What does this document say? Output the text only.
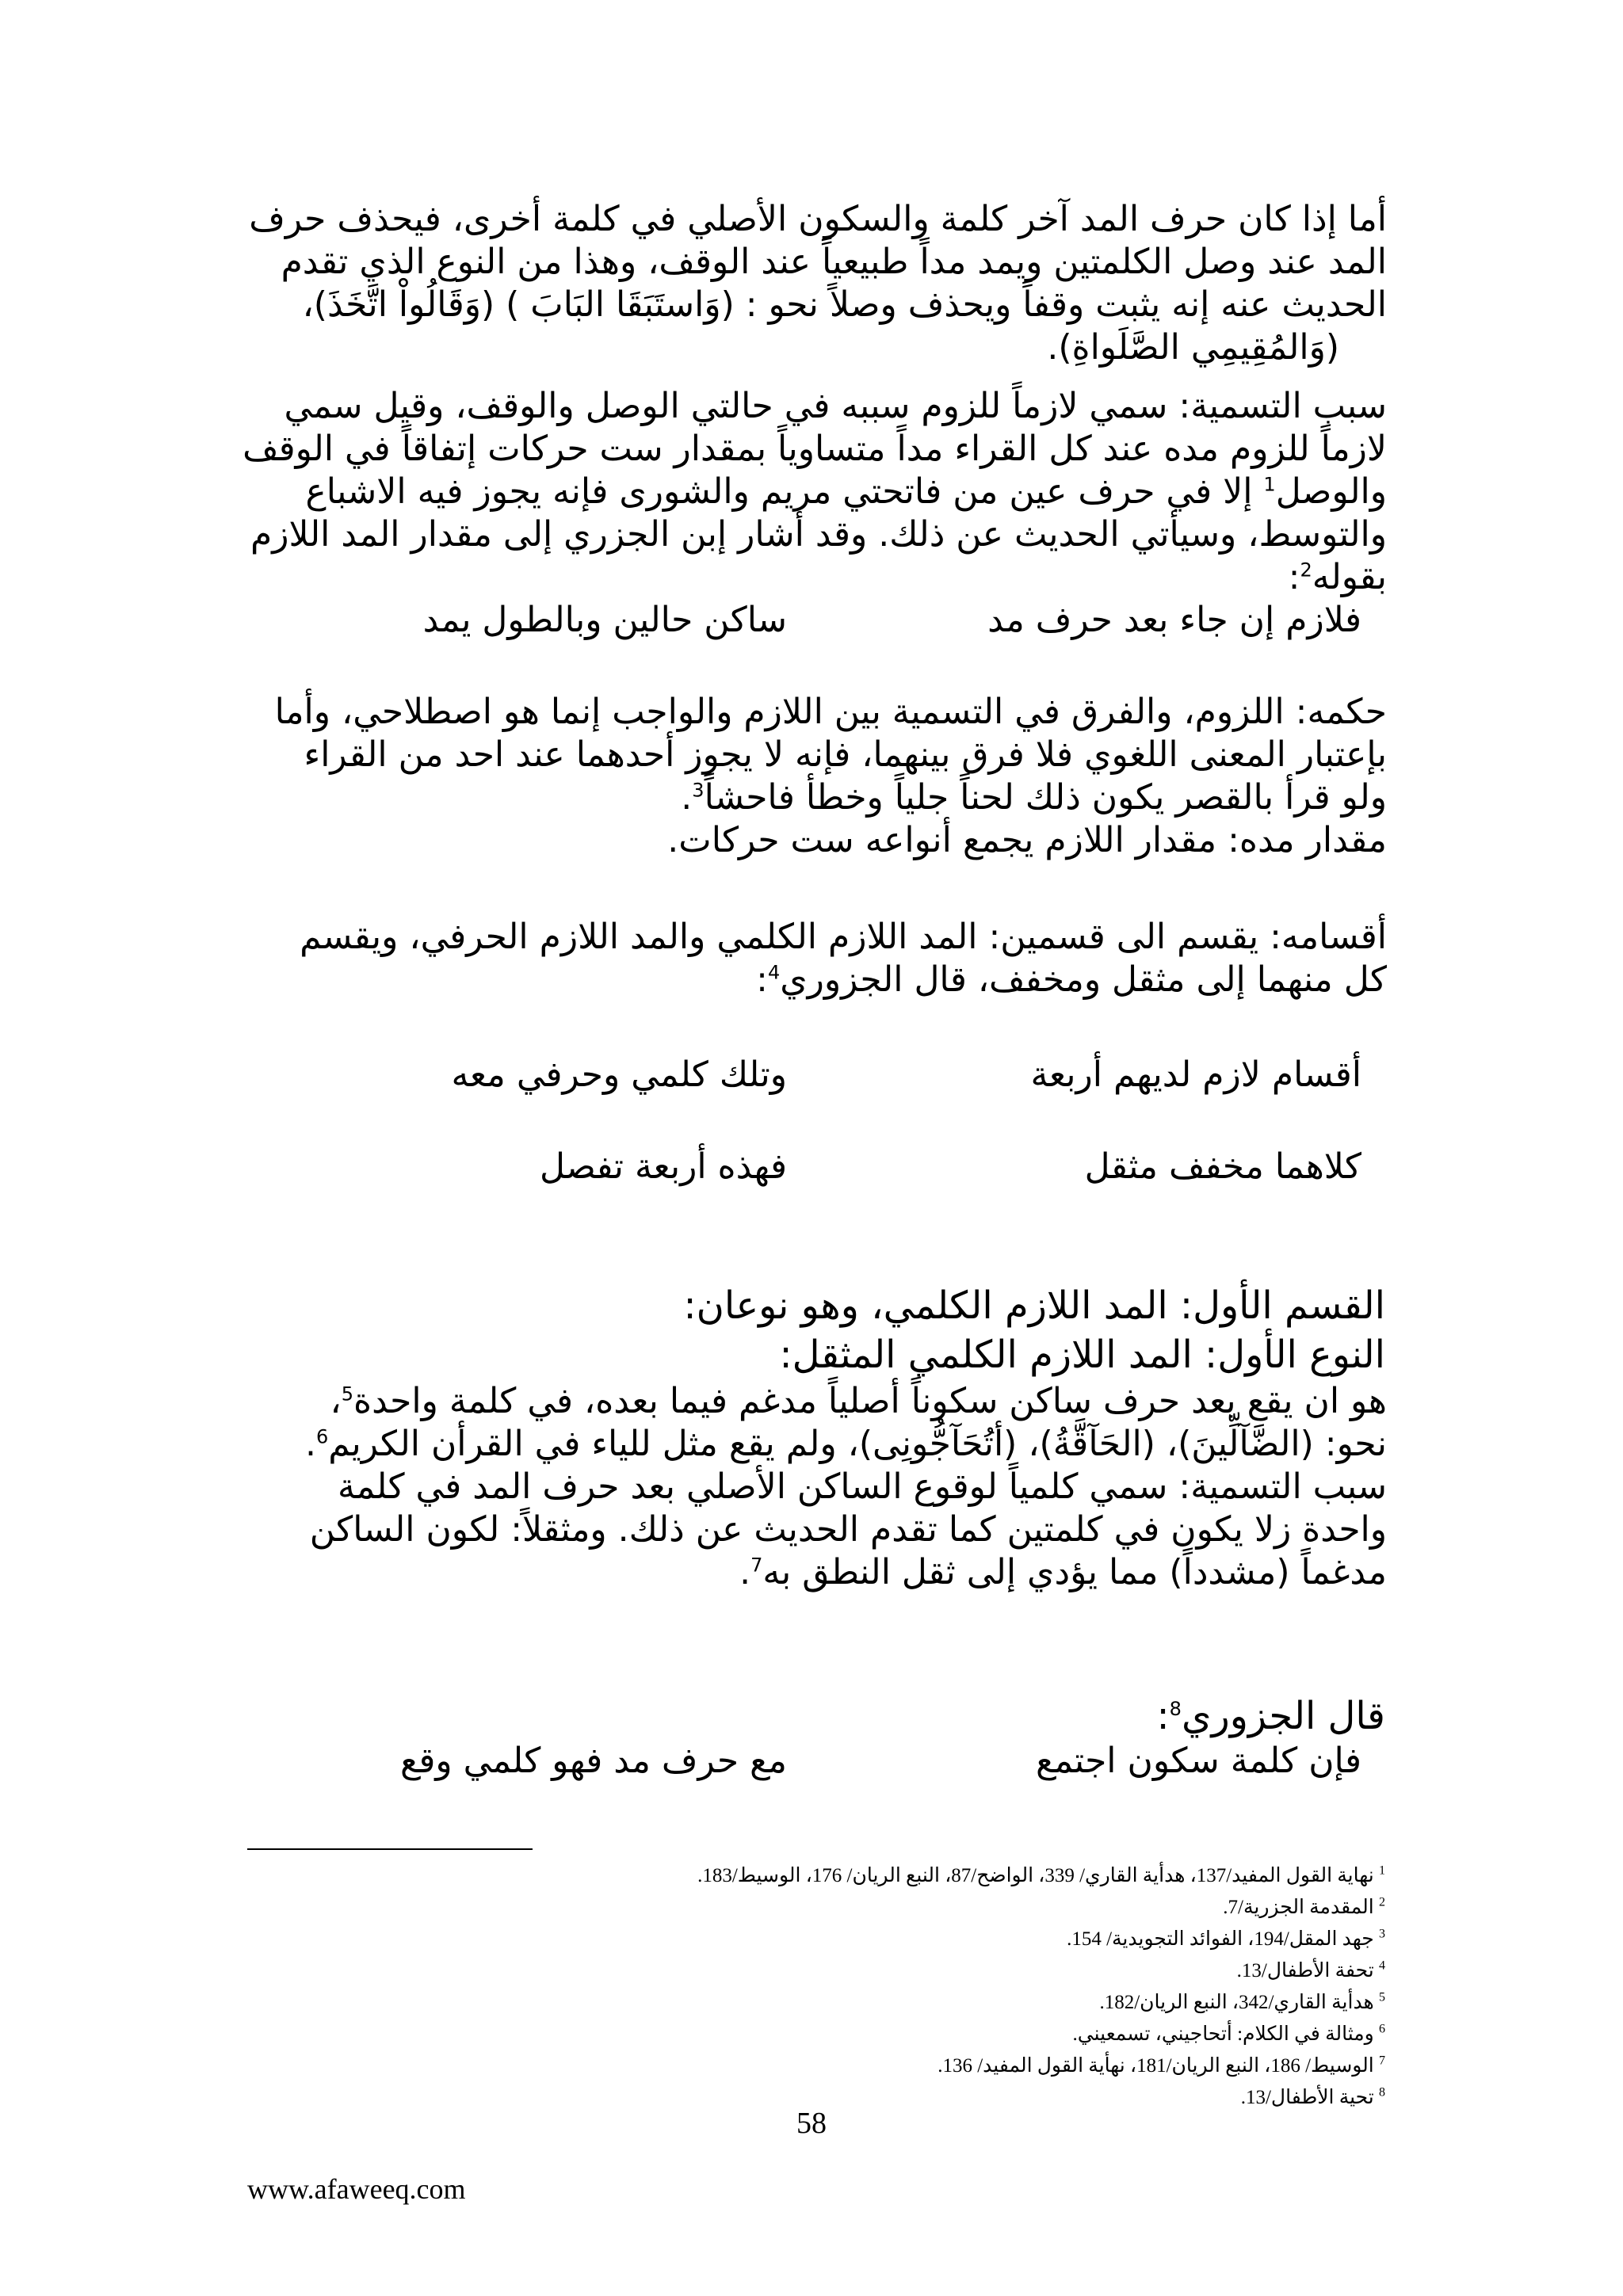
أما إذا كان حرف المد آخر كلمة والسكون الأصلي في كلمة أخرى، فيحذف حرف
المد عند وصل الكلمتين ويمد مداً طبيعياً عند الوقف، وهذا من النوع الذي تقدم
الحديث عنه إنه يثبت وقفاً ويحذف وصلاً نحو : (وَاستَبَقَا البَابَ ) (وَقَالُواْ اتَّخَذَ)،
(وَالمُقِيمِي الصَّلَواةِ).
سبب التسمية: سمي لازماً للزوم سببه في حالتي الوصل والوقف، وقيل سمي
لازماً للزوم مده عند كل القراء مداً متساوياً بمقدار ست حركات إتفاقاً في الوقف
والوصل$^1$ إلا في حرف عين من فاتحتي مريم والشورى فإنه يجوز فيه الاشباع
والتوسط، وسيأتي الحديث عن ذلك. وقد أشار إبن الجزري إلى مقدار المد اللازم
بقوله$^2$:
فلازم إن جاء بعد حرف مد
ساكن حالين وبالطول يمد
حكمه: اللزوم، والفرق في التسمية بين اللازم والواجب إنما هو اصطلاحي، وأما
بإعتبار المعنى اللغوي فلا فرق بينهما، فإنه لا يجوز أحدهما عند احد من القراء
ولو قرأ بالقصر يكون ذلك لحناً جلياً وخطأ فاحشاً$^3$.
مقدار مده: مقدار اللازم يجمع أنواعه ست حركات.
أقسامه: يقسم الى قسمين: المد اللازم الكلمي والمد اللازم الحرفي، ويقسم
كل منهما إلى مثقل ومخفف، قال الجزوري$^4$:
أقسام لازم لديهم أربعة
وتلك كلمي وحرفي معه
كلاهما مخفف مثقل
فهذه أربعة تفصل
القسم الأول: المد اللازم الكلمي، وهو نوعان:
النوع الأول: المد اللازم الكلمي المثقل:
هو ان يقع بعد حرف ساكن سكوناً أصلياً مدغم فيما بعده، في كلمة واحدة$^5$،
نحو: (الضَّآلِّينَ)، (الحَآقَّةُ)، (أتُحَآجُّونِى)، ولم يقع مثل للياء في القرأن الكريم$^6$.
سبب التسمية: سمي كلمياً لوقوع الساكن الأصلي بعد حرف المد في كلمة
واحدة زلا يكون في كلمتين كما تقدم الحديث عن ذلك. ومثقلاً: لكون الساكن
مدغماً (مشدداً) مما يؤدي إلى ثقل النطق به$^7$.
قال الجزوري$^8$:
فإن كلمة سكون اجتمع
مع حرف مد فهو كلمي وقع
$^1$ نهاية القول المفيد/137، هدأية القاري/ 339، الواضح/87، النبع الريان/ 176، الوسيط/183.
$^2$ المقدمة الجزرية/7.
$^3$ جهد المقل/194، الفوائد التجويدية/ 154.
$^4$ تحفة الأطفال/13.
$^5$ هدأية القاري/342، النبع الريان/182.
$^6$ ومثالة في الكلام: أتحاجيني، تسمعيني.
$^7$ الوسيط/ 186، النبع الريان/181، نهأية القول المفيد/ 136.
$^8$ تحية الأطفال/13.
58
www.afaweeq.com
